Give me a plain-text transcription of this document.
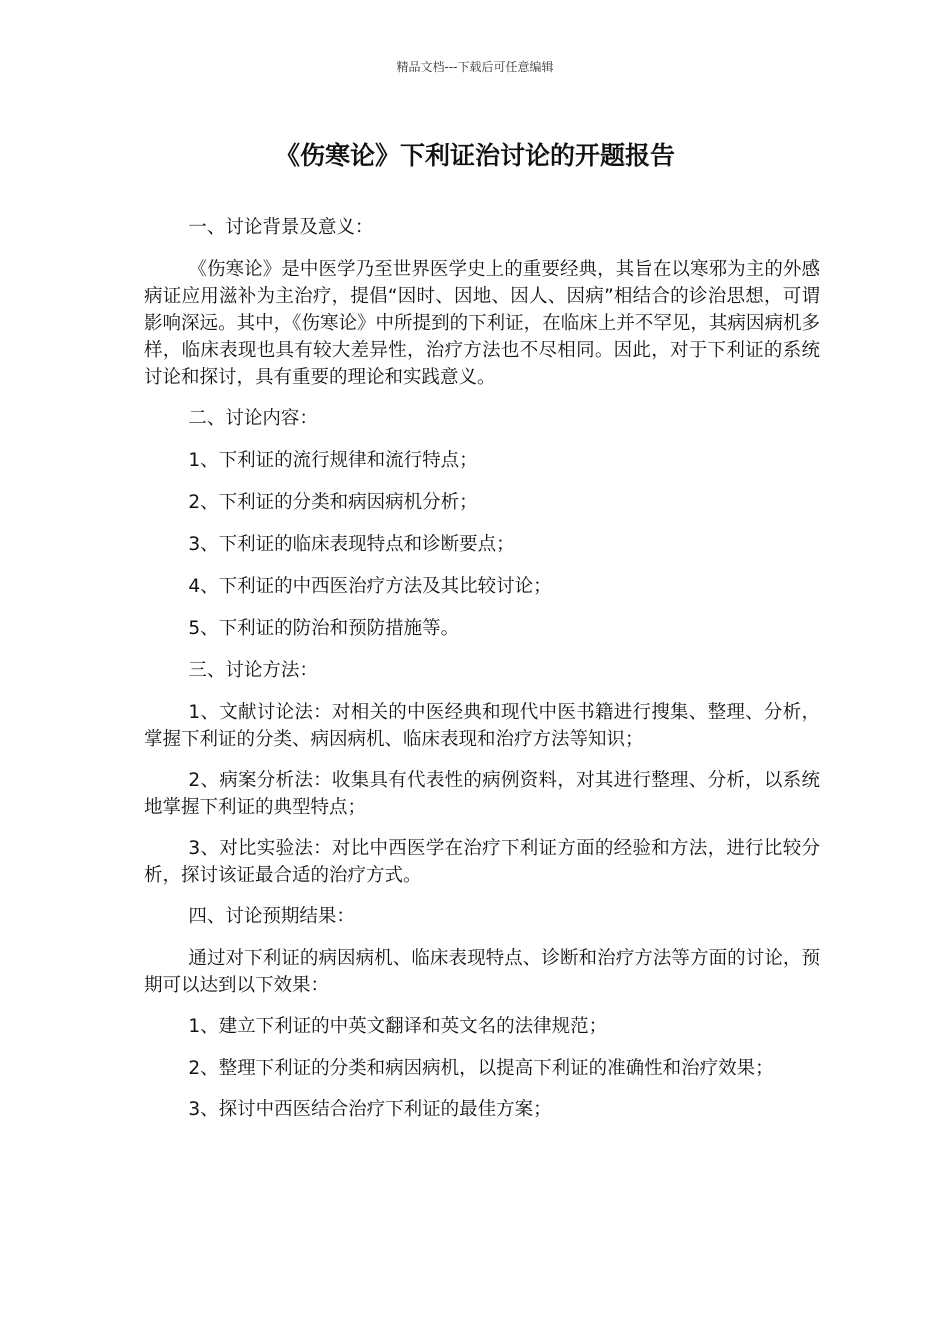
精品文档---下载后可任意编辑
《伤寒论》下利证治讨论的开题报告

一、讨论背景及意义：

《伤寒论》是中医学乃至世界医学史上的重要经典，其旨在以寒邪为主的外感病证应用滋补为主治疗，提倡“因时、因地、因人、因病”相结合的诊治思想，可谓影响深远。其中，《伤寒论》中所提到的下利证，在临床上并不罕见，其病因病机多样，临床表现也具有较大差异性，治疗方法也不尽相同。因此，对于下利证的系统讨论和探讨，具有重要的理论和实践意义。

二、讨论内容：

1、下利证的流行规律和流行特点；

2、下利证的分类和病因病机分析；

3、下利证的临床表现特点和诊断要点；

4、下利证的中西医治疗方法及其比较讨论；

5、下利证的防治和预防措施等。

三、讨论方法：

1、文献讨论法：对相关的中医经典和现代中医书籍进行搜集、整理、分析，掌握下利证的分类、病因病机、临床表现和治疗方法等知识；

2、病案分析法：收集具有代表性的病例资料，对其进行整理、分析，以系统地掌握下利证的典型特点；

3、对比实验法：对比中西医学在治疗下利证方面的经验和方法，进行比较分析，探讨该证最合适的治疗方式。

四、讨论预期结果：

通过对下利证的病因病机、临床表现特点、诊断和治疗方法等方面的讨论，预期可以达到以下效果：

1、建立下利证的中英文翻译和英文名的法律规范；

2、整理下利证的分类和病因病机，以提高下利证的准确性和治疗效果；

3、探讨中西医结合治疗下利证的最佳方案；
